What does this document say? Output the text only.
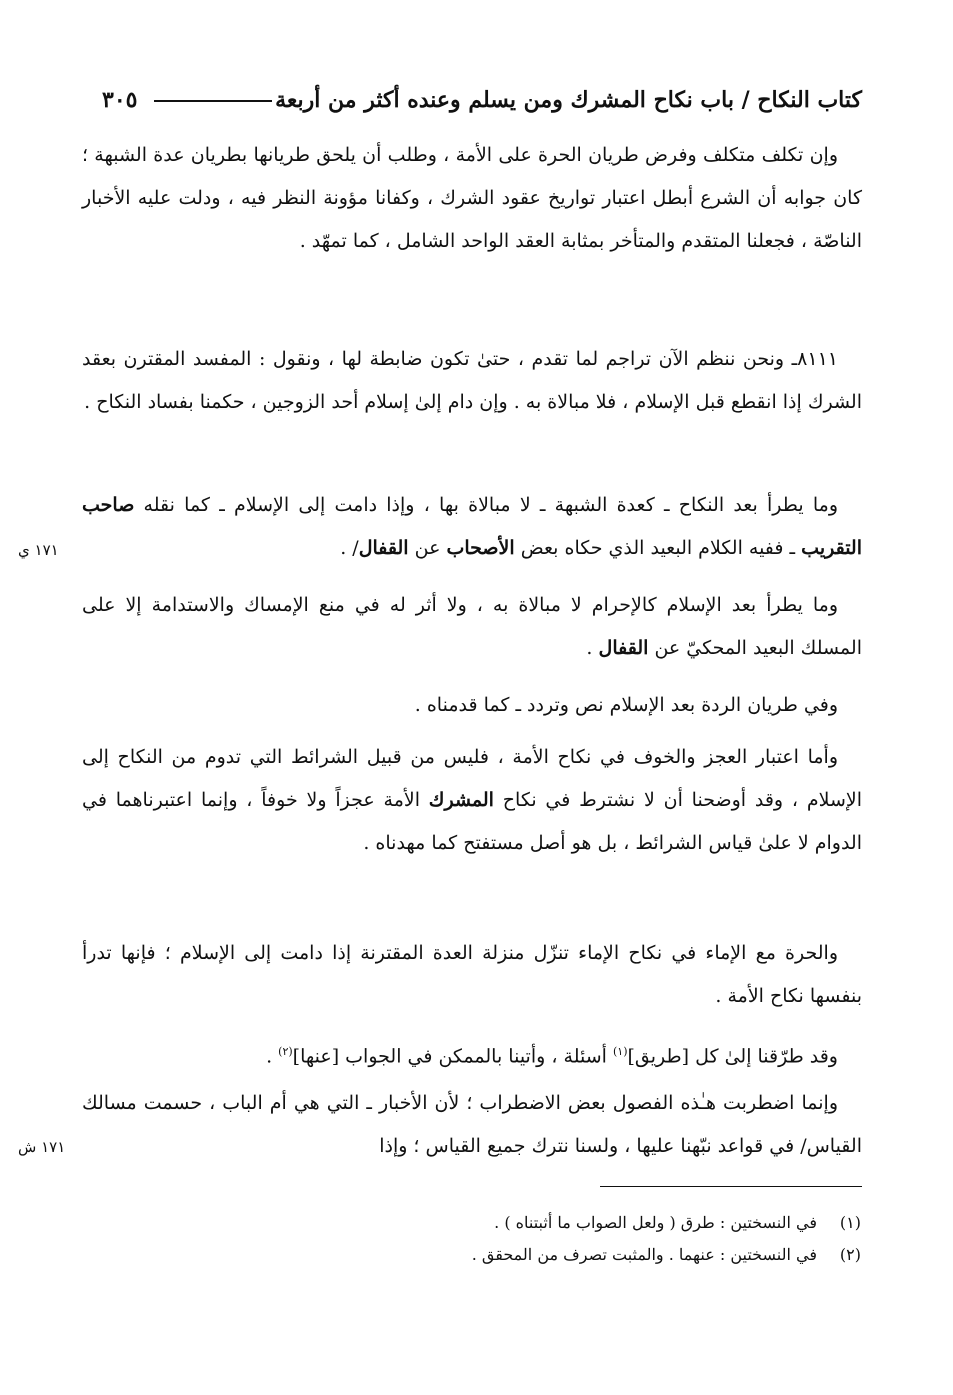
كتاب النكاح / باب نكاح المشرك ومن يسلم وعنده أكثر من أربعة
٣٠٥
وإن تكلف متكلف وفرض طريان الحرة على الأمة ، وطلب أن يلحق طريانها بطريان عدة الشبهة ؛ كان جوابه أن الشرع أبطل اعتبار تواريخ عقود الشرك ، وكفانا مؤونة النظر فيه ، ودلت عليه الأخبار الناصّة ، فجعلنا المتقدم والمتأخر بمثابة العقد الواحد الشامل ، كما تمهّد .
٨١١١ـ ونحن ننظم الآن تراجم لما تقدم ، حتىٰ تكون ضابطة لها ، ونقول : المفسد المقترن بعقد الشرك إذا انقطع قبل الإسلام ، فلا مبالاة به . وإن دام إلىٰ إسلام أحد الزوجين ، حكمنا بفساد النكاح .
وما يطرأ بعد النكاح ـ كعدة الشبهة ـ لا مبالاة بها ، وإذا دامت إلى الإسلام ـ كما نقله صاحب التقريب ـ ففيه الكلام البعيد الذي حكاه بعض الأصحاب عن القفال/ .
١٧١ ي
وما يطرأ بعد الإسلام كالإحرام لا مبالاة به ، ولا أثر له في منع الإمساك والاستدامة إلا على المسلك البعيد المحكيّ عن القفال .
وفي طريان الردة بعد الإسلام نص وتردد ـ كما قدمناه .
وأما اعتبار العجز والخوف في نكاح الأمة ، فليس من قبيل الشرائط التي تدوم من النكاح إلى الإسلام ، وقد أوضحنا أن لا نشترط في نكاح المشرك الأمة عجزاً ولا خوفاً ، وإنما اعتبرناهما في الدوام لا علىٰ قياس الشرائط ، بل هو أصل مستفتح كما مهدناه .
والحرة مع الإماء في نكاح الإماء تنزّل منزلة العدة المقترنة إذا دامت إلى الإسلام ؛ فإنها تدرأ بنفسها نكاح الأمة .
وقد طرّقنا إلىٰ كل [طريق]$^{(١)}$ أسئلة ، وأتينا بالممكن في الجواب [عنها]$^{(٢)}$ .
وإنما اضطربت هـٰذه الفصول بعض الاضطراب ؛ لأن الأخبار ـ التي هي أم الباب ، حسمت مسالك القياس/ في قواعد نبّهنا عليها ، ولسنا نترك جميع القياس ؛ وإذا
١٧١ ش
(١)في النسختين : طرق ( ولعل الصواب ما أثبتناه ) .
(٢)في النسختين : عنهما . والمثبت تصرف من المحقق .
